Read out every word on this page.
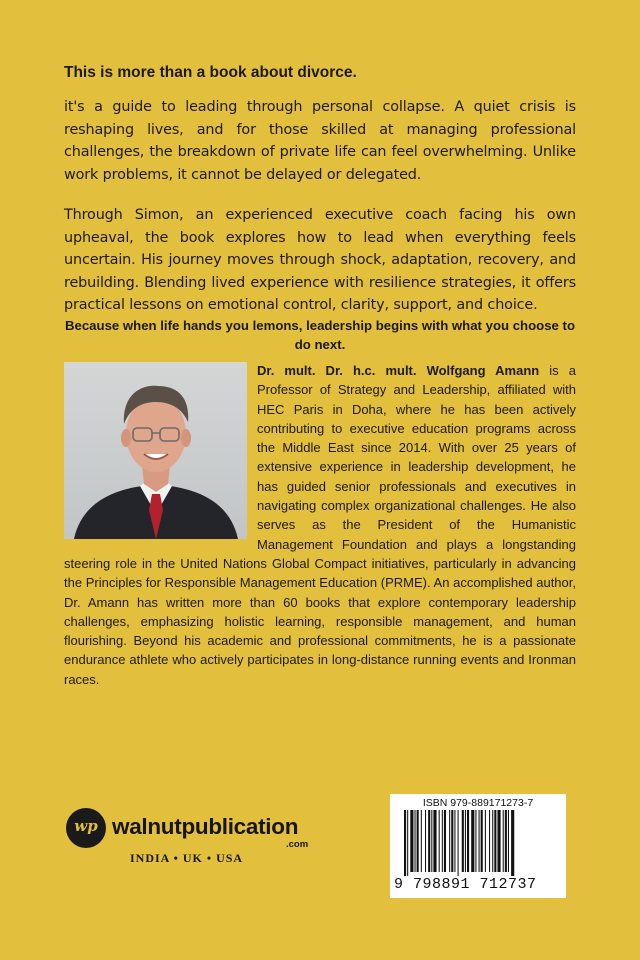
This is more than a book about divorce.

it's a guide to leading through personal collapse. A quiet crisis is reshaping lives, and for those skilled at managing professional challenges, the breakdown of private life can feel overwhelming. Unlike work problems, it cannot be delayed or delegated.

Through Simon, an experienced executive coach facing his own upheaval, the book explores how to lead when everything feels uncertain. His journey moves through shock, adaptation, recovery, and rebuilding. Blending lived experience with resilience strategies, it offers practical lessons on emotional control, clarity, support, and choice.

Because when life hands you lemons, leadership begins with what you choose to do next.

Dr. mult. Dr. h.c. mult. Wolfgang Amann is a Professor of Strategy and Leadership, affiliated with HEC Paris in Doha, where he has been actively contributing to executive education programs across the Middle East since 2014. With over 25 years of extensive experience in leadership development, he has guided senior professionals and executives in navigating complex organizational challenges. He also serves as the President of the Humanistic Management Foundation and plays a longstanding steering role in the United Nations Global Compact initiatives, particularly in advancing the Principles for Responsible Management Education (PRME). An accomplished author, Dr. Amann has written more than 60 books that explore contemporary leadership challenges, emphasizing holistic learning, responsible management, and human flourishing. Beyond his academic and professional commitments, he is a passionate endurance athlete who actively participates in long-distance running events and Ironman races.
wp walnutpublication
.com
INDIA • UK • USA
ISBN 979-889171273-7
9 798891 712737
